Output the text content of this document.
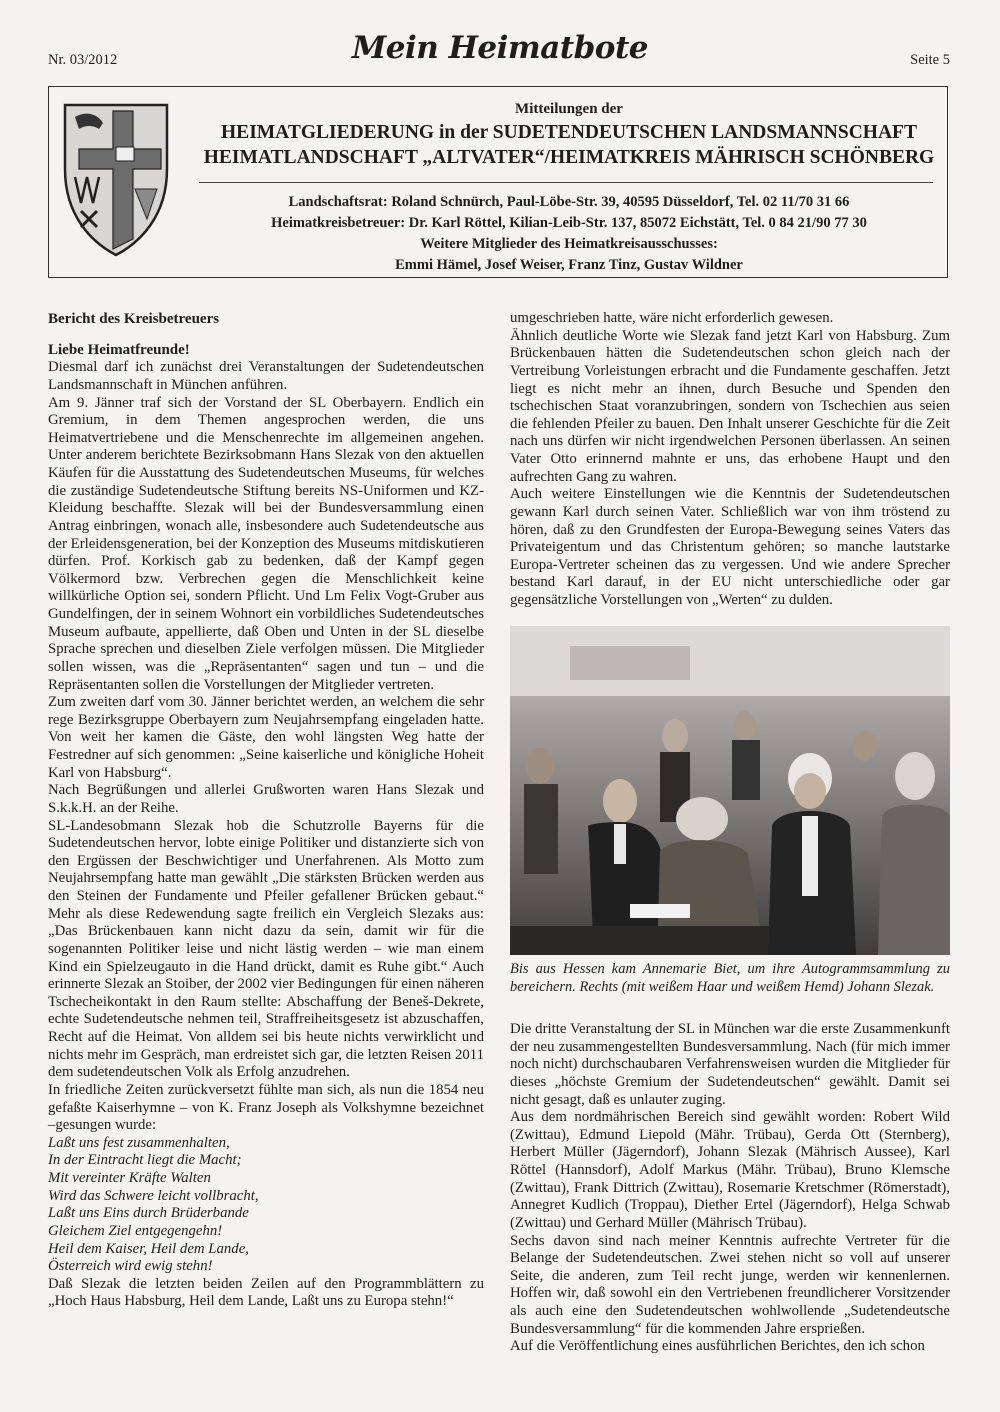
Nr. 03/2012	Mein Heimatbote	Seite 5
Mitteilungen der
HEIMATGLIEDERUNG in der SUDETENDEUTSCHEN LANDSMANNSCHAFT
HEIMATLANDSCHAFT „ALTVATER“/HEIMATKREIS MÄHRISCH SCHÖNBERG
Landschaftsrat: Roland Schnürch, Paul-Löbe-Str. 39, 40595 Düsseldorf, Tel. 02 11/70 31 66
Heimatkreisbetreuer: Dr. Karl Röttel, Kilian-Leib-Str. 137, 85072 Eichstätt, Tel. 0 84 21/90 77 30
Weitere Mitglieder des Heimatkreisausschusses:
Emmi Hämel, Josef Weiser, Franz Tinz, Gustav Wildner

Bericht des Kreisbetreuers

Liebe Heimatfreunde!

Diesmal darf ich zunächst drei Veranstaltungen der Sudetendeutschen Landsmannschaft in München anführen.

Am 9. Jänner traf sich der Vorstand der SL Oberbayern. Endlich ein Gremium, in dem Themen angesprochen werden, die uns Heimatvertriebene und die Menschenrechte im allgemeinen angehen. Unter anderem berichtete Bezirksobmann Hans Slezak von den aktuellen Käufen für die Ausstattung des Sudetendeutschen Museums, für welches die zuständige Sudetendeutsche Stiftung bereits NS-Uniformen und KZ-Kleidung beschaffte. Slezak will bei der Bundesversammlung einen Antrag einbringen, wonach alle, insbesondere auch Sudetendeutsche aus der Erleidensgeneration, bei der Konzeption des Museums mitdiskutieren dürfen. Prof. Korkisch gab zu bedenken, daß der Kampf gegen Völkermord bzw. Verbrechen gegen die Menschlichkeit keine willkürliche Option sei, sondern Pflicht. Und Lm Felix Vogt-Gruber aus Gundelfingen, der in seinem Wohnort ein vorbildliches Sudetendeutsches Museum aufbaute, appellierte, daß Oben und Unten in der SL dieselbe Sprache sprechen und dieselben Ziele verfolgen müssen. Die Mitglieder sollen wissen, was die „Repräsentanten“ sagen und tun – und die Repräsentanten sollen die Vorstellungen der Mitglieder vertreten.

Zum zweiten darf vom 30. Jänner berichtet werden, an welchem die sehr rege Bezirksgruppe Oberbayern zum Neujahrsempfang eingeladen hatte. Von weit her kamen die Gäste, den wohl längsten Weg hatte der Festredner auf sich genommen: „Seine kaiserliche und königliche Hoheit Karl von Habsburg“.

Nach Begrüßungen und allerlei Grußworten waren Hans Slezak und S.k.k.H. an der Reihe.

SL-Landesobmann Slezak hob die Schutzrolle Bayerns für die Sudetendeutschen hervor, lobte einige Politiker und distanzierte sich von den Ergüssen der Beschwichtiger und Unerfahrenen. Als Motto zum Neujahrsempfang hatte man gewählt „Die stärksten Brücken werden aus den Steinen der Fundamente und Pfeiler gefallener Brücken gebaut.“ Mehr als diese Redewendung sagte freilich ein Vergleich Slezaks aus: „Das Brückenbauen kann nicht dazu da sein, damit wir für die sogenannten Politiker leise und nicht lästig werden – wie man einem Kind ein Spielzeugauto in die Hand drückt, damit es Ruhe gibt.“ Auch erinnerte Slezak an Stoiber, der 2002 vier Bedingungen für einen näheren Tschecheikontakt in den Raum stellte: Abschaffung der Beneš-Dekrete, echte Sudetendeutsche nehmen teil, Straffreiheitsgesetz ist abzuschaffen, Recht auf die Heimat. Von alldem sei bis heute nichts verwirklicht und nichts mehr im Gespräch, man erdreistet sich gar, die letzten Reisen 2011 dem sudetendeutschen Volk als Erfolg anzudrehen.

In friedliche Zeiten zurückversetzt fühlte man sich, als nun die 1854 neu gefaßte Kaiserhymne – von K. Franz Joseph als Volkshymne bezeichnet –gesungen wurde:

Laßt uns fest zusammenhalten,

In der Eintracht liegt die Macht;

Mit vereinter Kräfte Walten

Wird das Schwere leicht vollbracht,

Laßt uns Eins durch Brüderbande

Gleichem Ziel entgegengehn!

Heil dem Kaiser, Heil dem Lande,

Österreich wird ewig stehn!

Daß Slezak die letzten beiden Zeilen auf den Programmblättern zu „Hoch Haus Habsburg, Heil dem Lande, Laßt uns zu Europa stehn!“

umgeschrieben hatte, wäre nicht erforderlich gewesen.

Ähnlich deutliche Worte wie Slezak fand jetzt Karl von Habsburg. Zum Brückenbauen hätten die Sudetendeutschen schon gleich nach der Vertreibung Vorleistungen erbracht und die Fundamente geschaffen. Jetzt liegt es nicht mehr an ihnen, durch Besuche und Spenden den tschechischen Staat voranzubringen, sondern von Tschechien aus seien die fehlenden Pfeiler zu bauen. Den Inhalt unserer Geschichte für die Zeit nach uns dürfen wir nicht irgendwelchen Personen überlassen. An seinen Vater Otto erinnernd mahnte er uns, das erhobene Haupt und den aufrechten Gang zu wahren.

Auch weitere Einstellungen wie die Kenntnis der Sudetendeutschen gewann Karl durch seinen Vater. Schließlich war von ihm tröstend zu hören, daß zu den Grundfesten der Europa-Bewegung seines Vaters das Privateigentum und das Christentum gehören; so manche lautstarke Europa-Vertreter scheinen das zu vergessen. Und wie andere Sprecher bestand Karl darauf, in der EU nicht unterschiedliche oder gar gegensätzliche Vorstellungen von „Werten“ zu dulden.

Bis aus Hessen kam Annemarie Biet, um ihre Autogrammsammlung zu bereichern. Rechts (mit weißem Haar und weißem Hemd) Johann Slezak.

Die dritte Veranstaltung der SL in München war die erste Zusammenkunft der neu zusammengestellten Bundesversammlung. Nach (für mich immer noch nicht) durchschaubaren Verfahrensweisen wurden die Mitglieder für dieses „höchste Gremium der Sudetendeutschen“ gewählt. Damit sei nicht gesagt, daß es unlauter zuging.

Aus dem nordmährischen Bereich sind gewählt worden: Robert Wild (Zwittau), Edmund Liepold (Mähr. Trübau), Gerda Ott (Sternberg), Herbert Müller (Jägerndorf), Johann Slezak (Mährisch Aussee), Karl Röttel (Hannsdorf), Adolf Markus (Mähr. Trübau), Bruno Klemsche (Zwittau), Frank Dittrich (Zwittau), Rosemarie Kretschmer (Römerstadt), Annegret Kudlich (Troppau), Diether Ertel (Jägerndorf), Helga Schwab (Zwittau) und Gerhard Müller (Mährisch Trübau).

Sechs davon sind nach meiner Kenntnis aufrechte Vertreter für die Belange der Sudetendeutschen. Zwei stehen nicht so voll auf unserer Seite, die anderen, zum Teil recht junge, werden wir kennenlernen. Hoffen wir, daß sowohl ein den Vertriebenen freundlicherer Vorsitzender als auch eine den Sudetendeutschen wohlwollende „Sudetendeutsche Bundesversammlung“ für die kommenden Jahre ersprießen.

Auf die Veröffentlichung eines ausführlichen Berichtes, den ich schon
